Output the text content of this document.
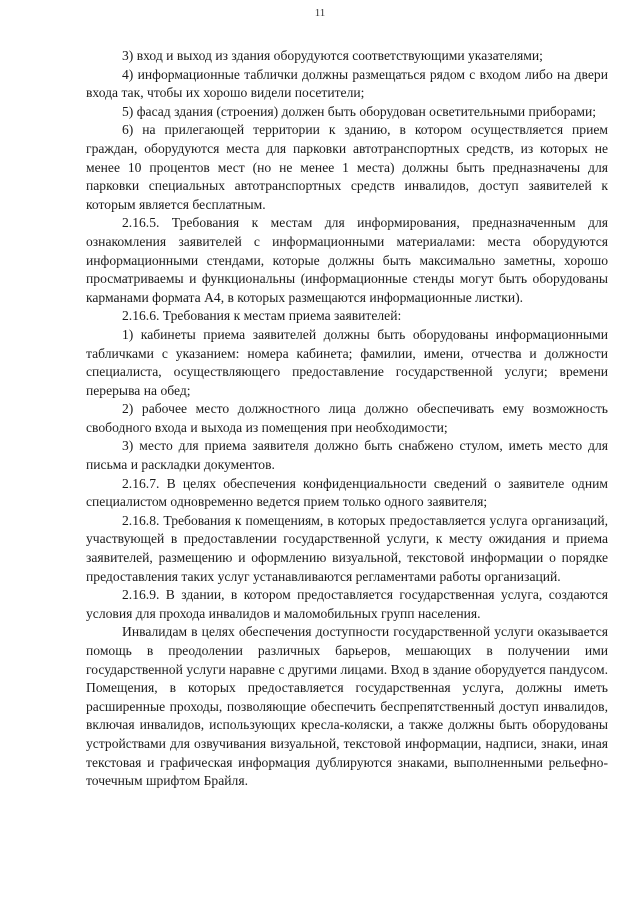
11

3) вход и выход из здания оборудуются соответствующими указателями;

4) информационные таблички должны размещаться рядом с входом либо на двери входа так, чтобы их хорошо видели посетители;

5) фасад здания (строения) должен быть оборудован осветительными приборами;

6) на прилегающей территории к зданию, в котором осуществляется прием граждан, оборудуются места для парковки автотранспортных средств, из которых не менее 10 процентов мест (но не менее 1 места) должны быть предназначены для парковки специальных автотранспортных средств инвалидов, доступ заявителей к которым является бесплатным.

2.16.5. Требования к местам для информирования, предназначенным для ознакомления заявителей с информационными материалами: места оборудуются информационными стендами, которые должны быть максимально заметны, хорошо просматриваемы и функциональны (информационные стенды могут быть оборудованы карманами формата А4, в которых размещаются информационные листки).

2.16.6. Требования к местам приема заявителей:

1) кабинеты приема заявителей должны быть оборудованы информационными табличками с указанием: номера кабинета; фамилии, имени, отчества и должности специалиста, осуществляющего предоставление государственной услуги; времени перерыва на обед;

2) рабочее место должностного лица должно обеспечивать ему возможность свободного входа и выхода из помещения при необходимости;

3) место для приема заявителя должно быть снабжено стулом, иметь место для письма и раскладки документов.

2.16.7. В целях обеспечения конфиденциальности сведений о заявителе одним специалистом одновременно ведется прием только одного заявителя;

2.16.8. Требования к помещениям, в которых предоставляется услуга организаций, участвующей в предоставлении государственной услуги, к месту ожидания и приема заявителей, размещению и оформлению визуальной, текстовой информации о порядке предоставления таких услуг устанавливаются регламентами работы организаций.

2.16.9. В здании, в котором предоставляется государственная услуга, создаются условия для прохода инвалидов и маломобильных групп населения.

Инвалидам в целях обеспечения доступности государственной услуги оказывается помощь в преодолении различных барьеров, мешающих в получении ими государственной услуги наравне с другими лицами. Вход в здание оборудуется пандусом. Помещения, в которых предоставляется государственная услуга, должны иметь расширенные проходы, позволяющие обеспечить беспрепятственный доступ инвалидов, включая инвалидов, использующих кресла-коляски, а также должны быть оборудованы устройствами для озвучивания визуальной, текстовой информации, надписи, знаки, иная текстовая и графическая информация дублируются знаками, выполненными рельефно-точечным шрифтом Брайля.
